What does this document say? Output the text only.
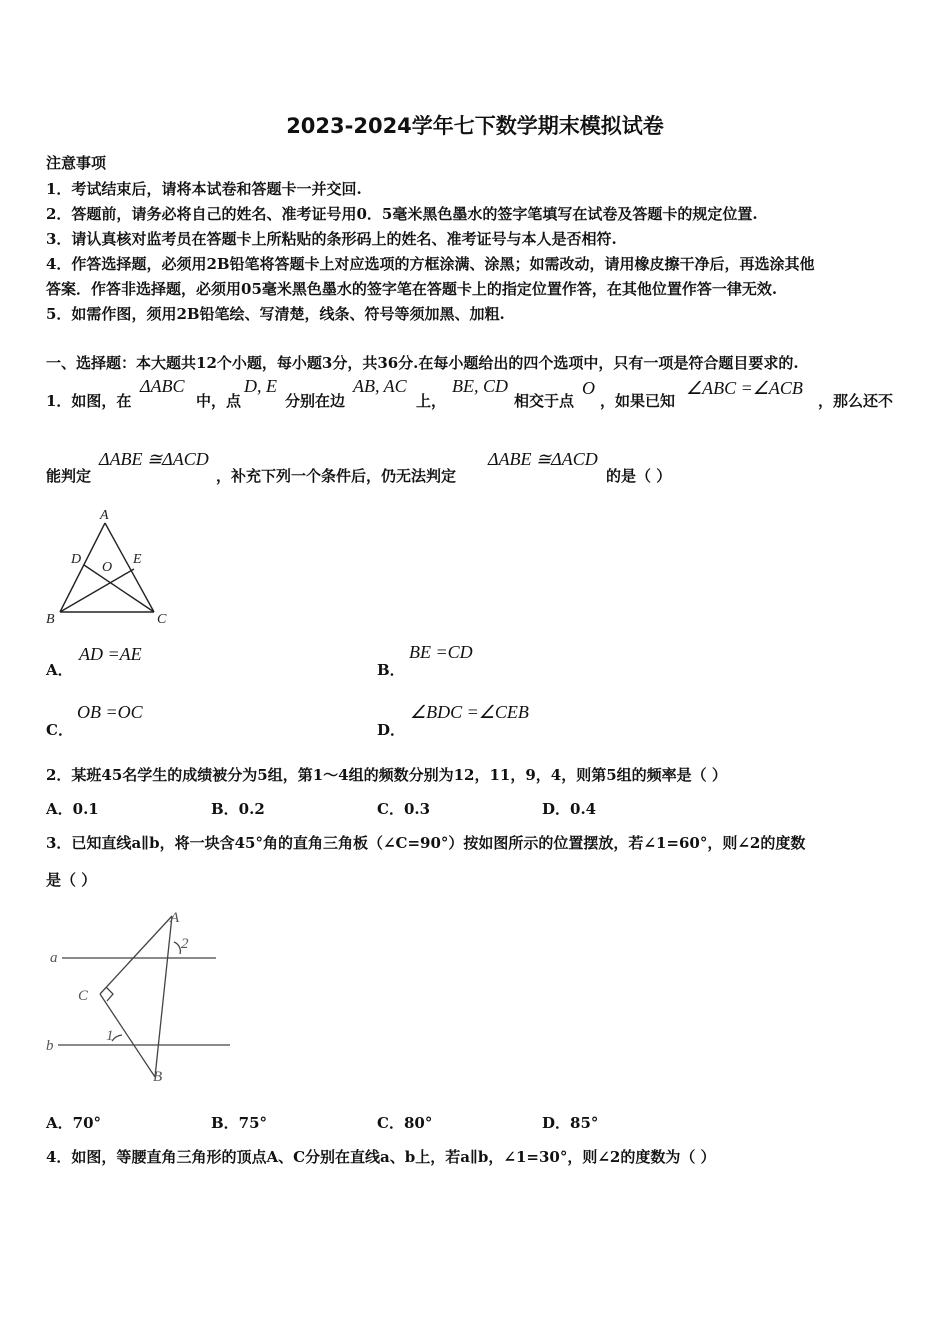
2023-2024学年七下数学期末模拟试卷
注意事项
1．考试结束后，请将本试卷和答题卡一并交回.
2．答题前，请务必将自己的姓名、准考证号用0．5毫米黑色墨水的签字笔填写在试卷及答题卡的规定位置.
3．请认真核对监考员在答题卡上所粘贴的条形码上的姓名、准考证号与本人是否相符.
4．作答选择题，必须用2B铅笔将答题卡上对应选项的方框涂满、涂黑；如需改动，请用橡皮擦干净后，再选涂其他
答案．作答非选择题，必须用05毫米黑色墨水的签字笔在答题卡上的指定位置作答，在其他位置作答一律无效.
5．如需作图，须用2B铅笔绘、写清楚，线条、符号等须加黑、加粗.
一、选择题：本大题共12个小题，每小题3分，共36分.在每小题给出的四个选项中，只有一项是符合题目要求的.
1．如图，在
ΔABC
中，点
D, E
分别在边
AB, AC
上，
BE, CD
相交于点
O
，如果已知
∠ABC =∠ACB
，那么还不
能判定
ΔABE ≅ΔACD
，补充下列一个条件后，仍无法判定
ΔABE ≅ΔACD
的是（ ）
A
B	C
D	E
O
A．
AD =AE
B．
BE =CD
C．
OB =OC
D．
∠BDC =∠CEB
2．某班45名学生的成绩被分为5组，第1～4组的频数分别为12，11，9，4，则第5组的频率是（ ）
A．0.1	B．0.2	C．0.3	D．0.4
3．已知直线a∥b，将一块含45°角的直角三角板（∠C=90°）按如图所示的位置摆放，若∠1=60°，则∠2的度数
是（ ）
a
b
A
B
C
1
2
A．70°	B．75°	C．80°	D．85°
4．如图，等腰直角三角形的顶点A、C分别在直线a、b上，若a∥b，∠1=30°，则∠2的度数为（ ）
